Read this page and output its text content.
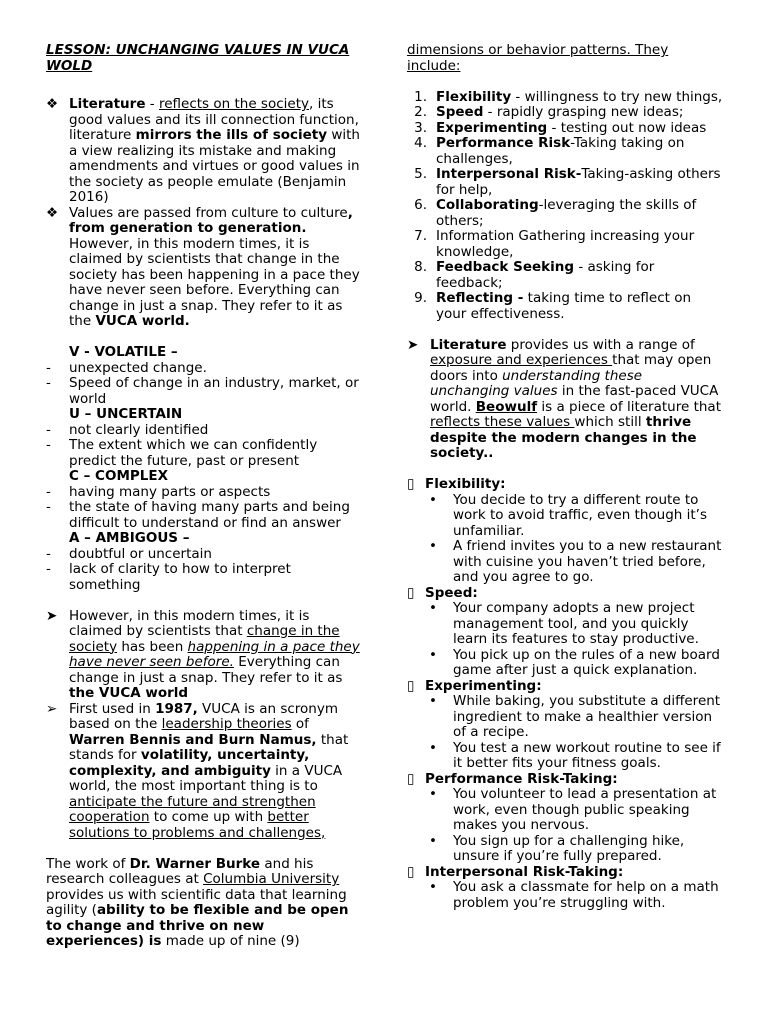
LESSON: UNCHANGING VALUES IN VUCA WOLD
❖ Literature - reflects on the society, its good values and its ill connection function, literature mirrors the ills of society with a view realizing its mistake and making amendments and virtues or good values in the society as people emulate (Benjamin 2016)
❖ Values are passed from culture to culture, from generation to generation. However, in this modern times, it is claimed by scientists that change in the society has been happening in a pace they have never seen before. Everything can change in just a snap. They refer to it as the VUCA world.
V - VOLATILE –
- unexpected change.
- Speed of change in an industry, market, or world
U – UNCERTAIN
- not clearly identified
- The extent which we can confidently predict the future, past or present
C – COMPLEX
- having many parts or aspects
- the state of having many parts and being difficult to understand or find an answer
A – AMBIGOUS –
- doubtful or uncertain
- lack of clarity to how to interpret something
➤ However, in this modern times, it is claimed by scientists that change in the society has been happening in a pace they have never seen before. Everything can change in just a snap. They refer to it as the VUCA world
➢ First used in 1987, VUCA is an scronym based on the leadership theories of Warren Bennis and Burn Namus, that stands for volatility, uncertainty, complexity, and ambiguity in a VUCA world, the most important thing is to anticipate the future and strengthen cooperation to come up with better solutions to problems and challenges,
The work of Dr. Warner Burke and his research colleagues at Columbia University provides us with scientific data that learning agility (ability to be flexible and be open to change and thrive on new experiences) is made up of nine (9)
dimensions or behavior patterns. They include:
1. Flexibility - willingness to try new things,
2. Speed - rapidly grasping new ideas;
3. Experimenting - testing out now ideas
4. Performance Risk-Taking taking on challenges,
5. Interpersonal Risk-Taking-asking others for help,
6. Collaborating-leveraging the skills of others;
7. Information Gathering increasing your knowledge,
8. Feedback Seeking - asking for feedback;
9. Reflecting - taking time to reflect on your effectiveness.
➤ Literature provides us with a range of exposure and experiences that may open doors into understanding these unchanging values in the fast-paced VUCA world. Beowulf is a piece of literature that reflects these values which still thrive despite the modern changes in the society..
▯ Flexibility:
• You decide to try a different route to work to avoid traffic, even though it’s unfamiliar.
• A friend invites you to a new restaurant with cuisine you haven’t tried before, and you agree to go.
▯ Speed:
• Your company adopts a new project management tool, and you quickly learn its features to stay productive.
• You pick up on the rules of a new board game after just a quick explanation.
▯ Experimenting:
• While baking, you substitute a different ingredient to make a healthier version of a recipe.
• You test a new workout routine to see if it better fits your fitness goals.
▯ Performance Risk-Taking:
• You volunteer to lead a presentation at work, even though public speaking makes you nervous.
• You sign up for a challenging hike, unsure if you’re fully prepared.
▯ Interpersonal Risk-Taking:
• You ask a classmate for help on a math problem you’re struggling with.
